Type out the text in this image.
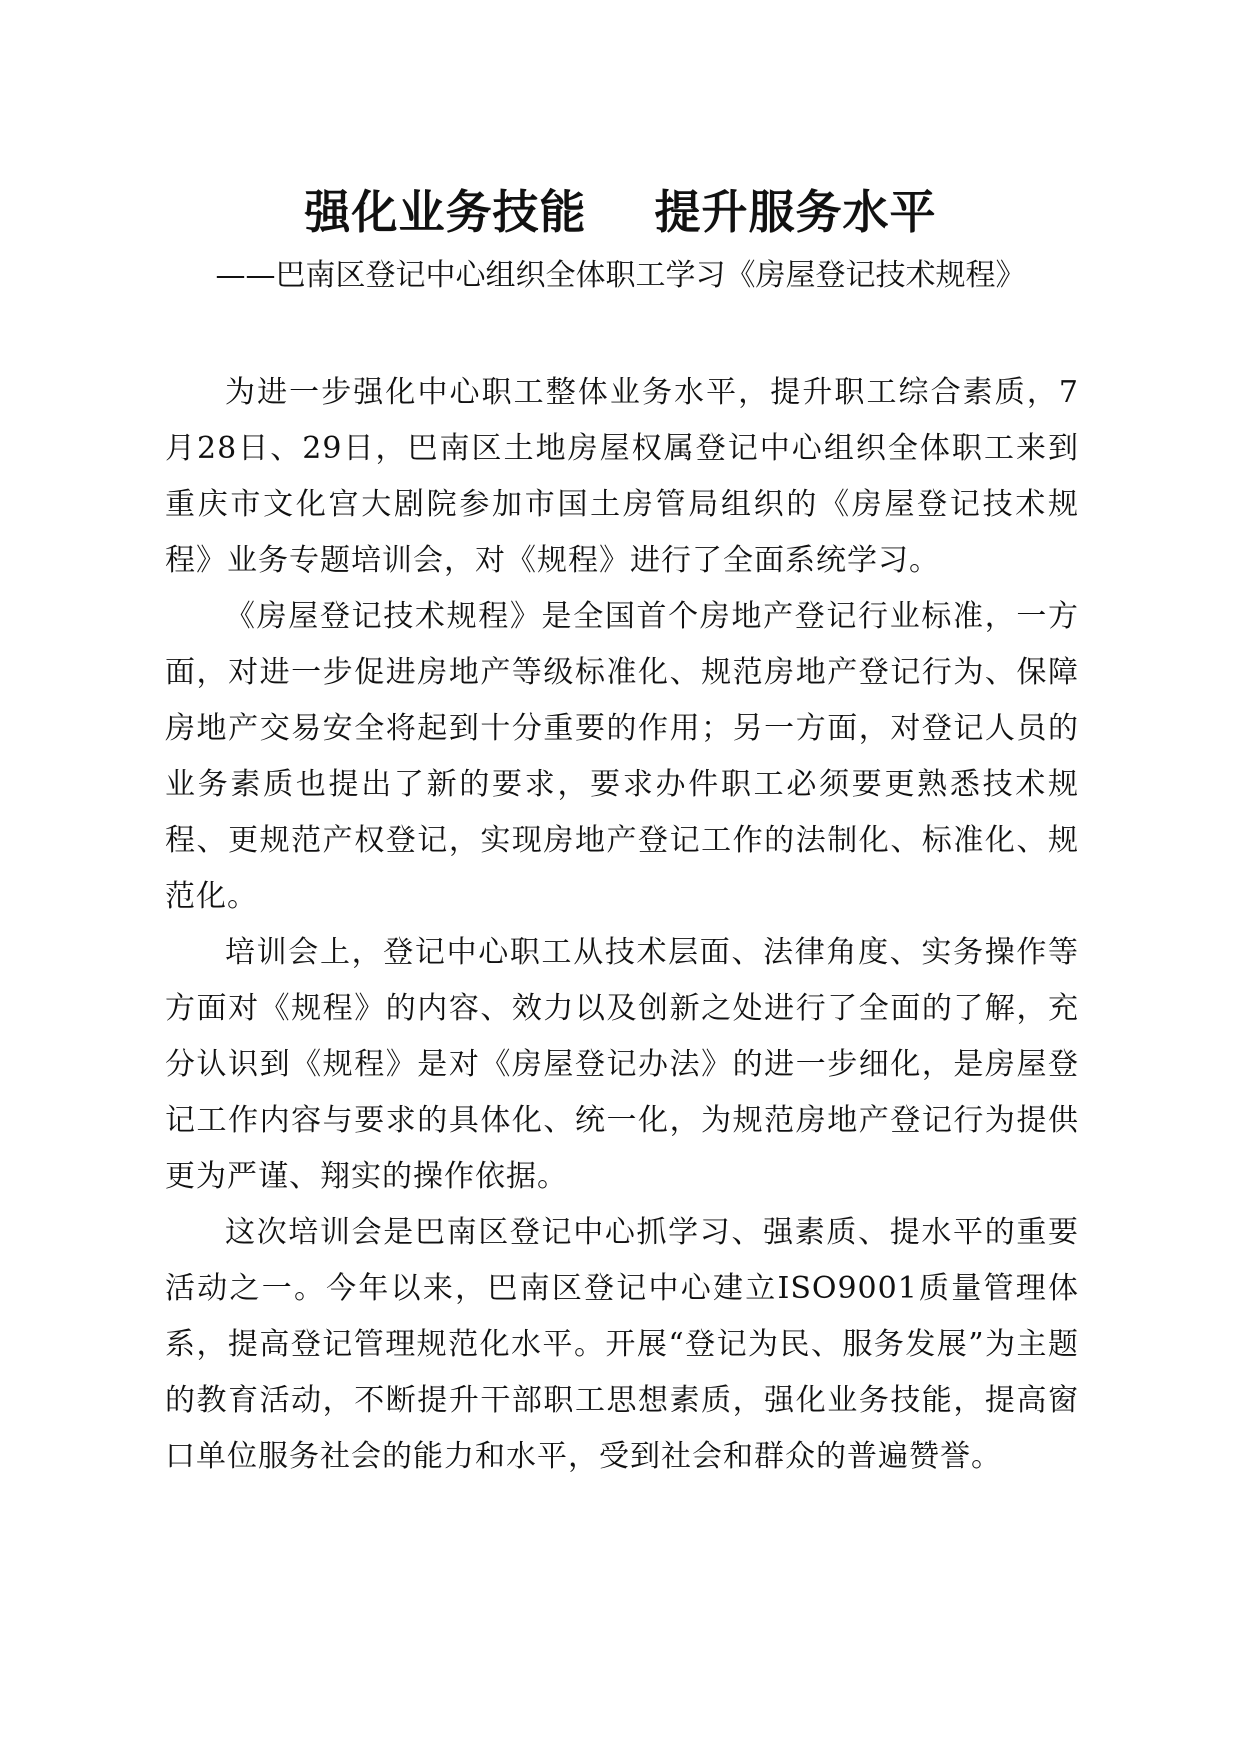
强化业务技能    提升服务水平

——巴南区登记中心组织全体职工学习《房屋登记技术规程》

为进一步强化中心职工整体业务水平，提升职工综合素质，7月28日、29日，巴南区土地房屋权属登记中心组织全体职工来到重庆市文化宫大剧院参加市国土房管局组织的《房屋登记技术规程》业务专题培训会，对《规程》进行了全面系统学习。

《房屋登记技术规程》是全国首个房地产登记行业标准，一方面，对进一步促进房地产等级标准化、规范房地产登记行为、保障房地产交易安全将起到十分重要的作用；另一方面，对登记人员的业务素质也提出了新的要求，要求办件职工必须要更熟悉技术规程、更规范产权登记，实现房地产登记工作的法制化、标准化、规范化。

培训会上，登记中心职工从技术层面、法律角度、实务操作等方面对《规程》的内容、效力以及创新之处进行了全面的了解，充分认识到《规程》是对《房屋登记办法》的进一步细化，是房屋登记工作内容与要求的具体化、统一化，为规范房地产登记行为提供更为严谨、翔实的操作依据。

这次培训会是巴南区登记中心抓学习、强素质、提水平的重要活动之一。今年以来，巴南区登记中心建立ISO9001质量管理体系，提高登记管理规范化水平。开展“登记为民、服务发展”为主题的教育活动，不断提升干部职工思想素质，强化业务技能，提高窗口单位服务社会的能力和水平，受到社会和群众的普遍赞誉。
